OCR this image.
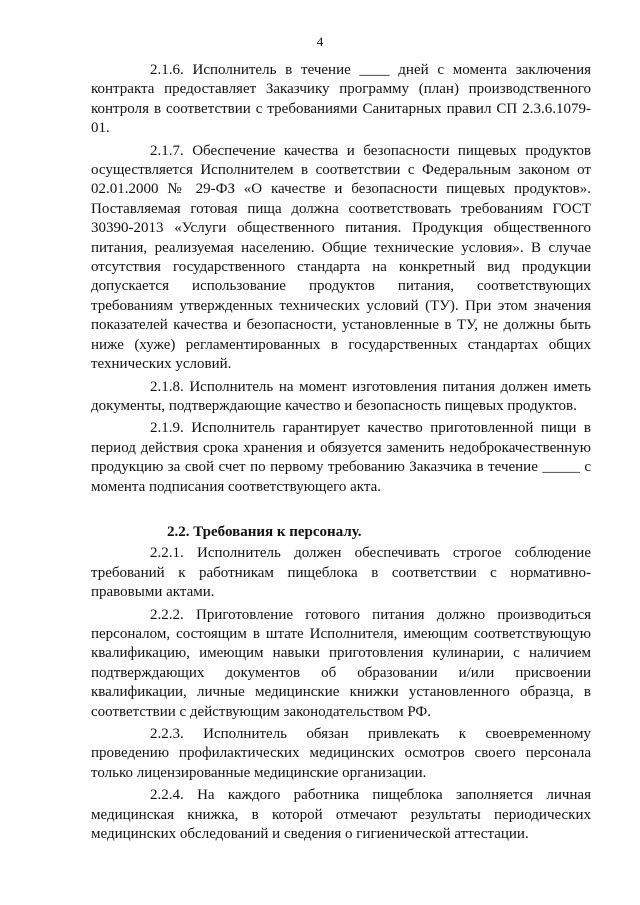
4

2.1.6. Исполнитель в течение ____ дней с момента заключения контракта предоставляет Заказчику программу (план) производственного контроля в соответствии с требованиями Санитарных правил СП 2.3.6.1079-01.

2.1.7. Обеспечение качества и безопасности пищевых продуктов осуществляется Исполнителем в соответствии с Федеральным законом от 02.01.2000 № 29-ФЗ «О качестве и безопасности пищевых продуктов». Поставляемая готовая пища должна соответствовать требованиям ГОСТ 30390-2013 «Услуги общественного питания. Продукция общественного питания, реализуемая населению. Общие технические условия». В случае отсутствия государственного стандарта на конкретный вид продукции допускается использование продуктов питания, соответствующих требованиям утвержденных технических условий (ТУ). При этом значения показателей качества и безопасности, установленные в ТУ, не должны быть ниже (хуже) регламентированных в государственных стандартах общих технических условий.

2.1.8. Исполнитель на момент изготовления питания должен иметь документы, подтверждающие качество и безопасность пищевых продуктов.

2.1.9. Исполнитель гарантирует качество приготовленной пищи в период действия срока хранения и обязуется заменить недоброкачественную продукцию за свой счет по первому требованию Заказчика в течение _____ с момента подписания соответствующего акта.

2.2. Требования к персоналу.

2.2.1. Исполнитель должен обеспечивать строгое соблюдение требований к работникам пищеблока в соответствии с нормативно-правовыми актами.

2.2.2. Приготовление готового питания должно производиться персоналом, состоящим в штате Исполнителя, имеющим соответствующую квалификацию, имеющим навыки приготовления кулинарии, с наличием подтверждающих документов об образовании и/или присвоении квалификации, личные медицинские книжки установленного образца, в соответствии с действующим законодательством РФ.

2.2.3. Исполнитель обязан привлекать к своевременному проведению профилактических медицинских осмотров своего персонала только лицензированные медицинские организации.

2.2.4. На каждого работника пищеблока заполняется личная медицинская книжка, в которой отмечают результаты периодических медицинских обследований и сведения о гигиенической аттестации.
